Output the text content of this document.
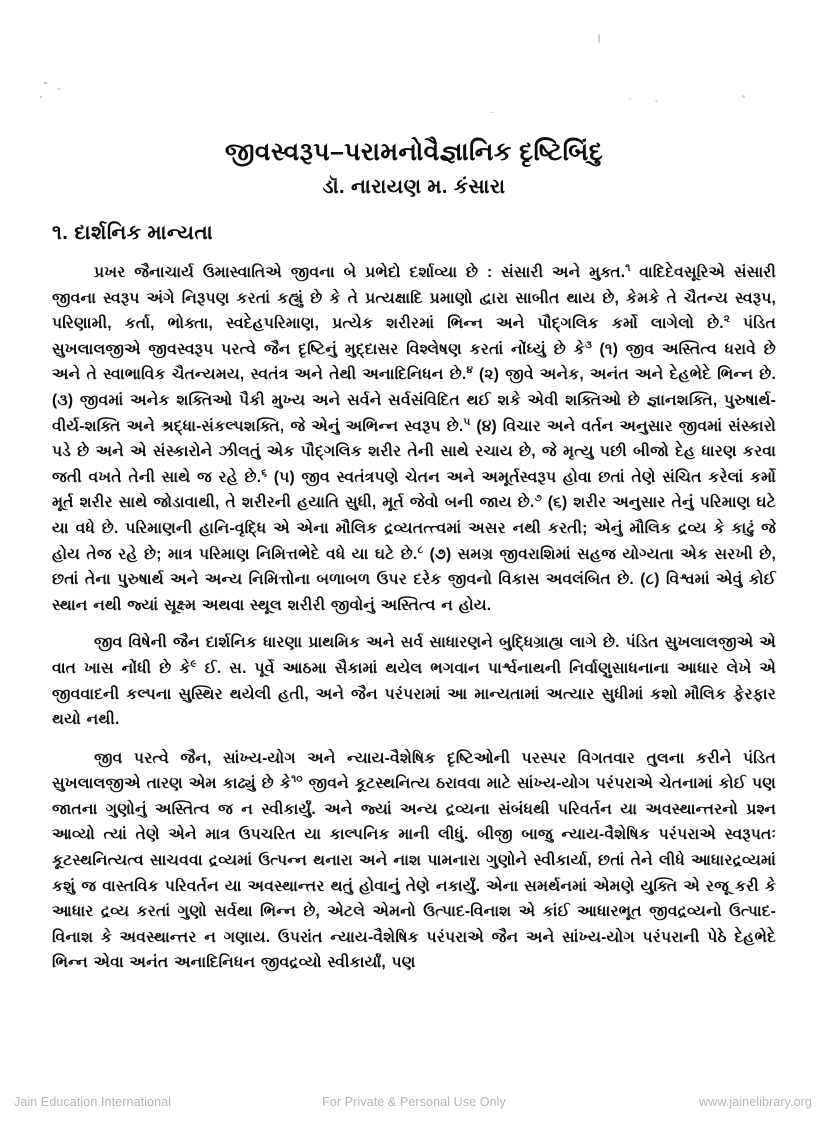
જીવસ્વરૂપ–પરામનોવૈજ્ઞાનિક દૃષ્ટિબિંદુ
ડૉ. નારાયણ મ. કંસારા
૧. દાર્શનિક માન્યતા

પ્રખર જૈનાચાર્ય ઉમાસ્વાતિએ જીવના બે પ્રભેદો દર્શાવ્યા છે : સંસારી અને મુક્ત.$^૧$ વાદિદેવસૂરિએ સંસારી જીવના સ્વરૂપ અંગે નિરૂપણ કરતાં કહ્યું છે કે તે પ્રત્યક્ષાદિ પ્રમાણો દ્વારા સાબીત થાય છે, કેમકે તે ચૈતન્ય સ્વરૂપ, પરિણામી, કર્તા, ભોક્તા, સ્વદેહપરિમાણ, પ્રત્યેક શરીરમાં ભિન્ન અને પૌદ્ગલિક કર્મો લાગેલો છે.$^૨$ પંડિત સુખલાલજીએ જીવસ્વરૂપ પરત્વે જૈન દૃષ્ટિનું મુદ્દાસર વિશ્લેષણ કરતાં નોંધ્યું છે કે$^૩$ (૧) જીવ અસ્તિત્વ ધરાવે છે અને તે સ્વાભાવિક ચૈતન્યમય, સ્વતંત્ર અને તેથી અનાદિનિધન છે.$^૪$ (૨) જીવે અનેક, અનંત અને દેહભેદે ભિન્ન છે. (૩) જીવમાં અનેક શક્તિઓ પૈકી મુખ્ય અને સર્વને સર્વસંવિદિત થઈ શકે એવી શક્તિઓ છે જ્ઞાનશક્તિ, પુરુષાર્થ-વીર્ય-શક્તિ અને શ્રદ્ધા-સંકલ્પશક્તિ, જે એનું અભિન્ન સ્વરૂપ છે.$^૫$ (૪) વિચાર અને વર્તન અનુસાર જીવમાં સંસ્કારો પડે છે અને એ સંસ્કારોને ઝીલતું એક પૌદ્ગલિક શરીર તેની સાથે રચાય છે, જે મૃત્યુ પછી બીજો દેહ ધારણ કરવા જતી વખતે તેની સાથે જ રહે છે.$^૬$ (૫) જીવ સ્વતંત્રપણે ચેતન અને અમૂર્તસ્વરૂપ હોવા છતાં તેણે સંચિત કરેલાં કર્મો મૂર્ત શરીર સાથે જોડાવાથી, તે શરીરની હયાતિ સુધી, મૂર્ત જેવો બની જાય છે.$^૭$ (૬) શરીર અનુસાર તેનું પરિમાણ ઘટે યા વધે છે. પરિમાણની હાનિ-વૃદ્ધિ એ એના મૌલિક દ્રવ્યતત્ત્વમાં અસર નથી કરતી; એનું મૌલિક દ્રવ્ય કે કાઢું જે હોય તેજ રહે છે; માત્ર પરિમાણ નિમિત્તભેદે વધે યા ઘટે છે.$^૮$ (૭) સમગ્ર જીવરાશિમાં સહજ યોગ્યતા એક સરખી છે, છતાં તેના પુરુષાર્થ અને અન્ય નિમિત્તોના બળાબળ ઉપર દરેક જીવનો વિકાસ અવલંબિત છે. (૮) વિશ્વમાં એવું કોઈ સ્થાન નથી જ્યાં સૂક્ષ્મ અથવા સ્થૂલ શરીરી જીવોનું અસ્તિત્વ ન હોય.

જીવ વિષેની જૈન દાર્શનિક ધારણા પ્રાથમિક અને સર્વ સાધારણને બુદ્ધિગ્રાહ્ય લાગે છે. પંડિત સુખલાલજીએ એ વાત ખાસ નોંધી છે કે$^૯$ ઈ. સ. પૂર્વે આઠમા સૈકામાં થયેલ ભગવાન પાર્શ્વનાથની નિર્વાણુસાધનાના આધાર લેખે એ જીવવાદની કલ્પના સુસ્થિર થયેલી હતી, અને જૈન પરંપરામાં આ માન્યતામાં અત્યાર સુધીમાં કશો મૌલિક ફેરફાર થયો નથી.

જીવ પરત્વે જૈન, સાંખ્ય-યોગ અને ન્યાય-વૈશેષિક દૃષ્ટિઓની પરસ્પર વિગતવાર તુલના કરીને પંડિત સુખલાલજીએ તારણ એમ કાઢ્યું છે કે$^{૧૦}$ જીવને કૂટસ્થનિત્ય ઠરાવવા માટે સાંખ્ય-યોગ પરંપરાએ ચેતનામાં કોઈ પણ જાતના ગુણોનું અસ્તિત્વ જ ન સ્વીકાર્યું. અને જ્યાં અન્ય દ્રવ્યના સંબંધથી પરિવર્તન યા અવસ્થાન્તરનો પ્રશ્ન આવ્યો ત્યાં તેણે એને માત્ર ઉપચરિત યા કાલ્પનિક માની લીધું. બીજી બાજુ ન્યાય-વૈશેષિક પરંપરાએ સ્વરૂપતઃ કૂટસ્થનિત્યત્વ સાચવવા દ્રવ્યમાં ઉત્પન્ન થનારા અને નાશ પામનારા ગુણોને સ્વીકાર્યા, છતાં તેને લીધે આધારદ્રવ્યમાં કશું જ વાસ્તવિક પરિવર્તન યા અવસ્થાન્તર થતું હોવાનું તેણે નકાર્યું. એના સમર્થનમાં એમણે યુક્તિ એ રજૂ કરી કે આધાર દ્રવ્ય કરતાં ગુણો સર્વથા ભિન્ન છે, એટલે એમનો ઉત્પાદ-વિનાશ એ કાંઈ આધારભૂત જીવદ્રવ્યનો ઉત્પાદ-વિનાશ કે અવસ્થાન્તર ન ગણાય. ઉપરાંત ન્યાય-વૈશેષિક પરંપરાએ જૈન અને સાંખ્ય-યોગ પરંપરાની પેઠે દેહભેદે ભિન્ન એવા અનંત અનાદિનિધન જીવદ્રવ્યો સ્વીકાર્યાં, પણ

Jain Education International	For Private & Personal Use Only	www.jainelibrary.org
